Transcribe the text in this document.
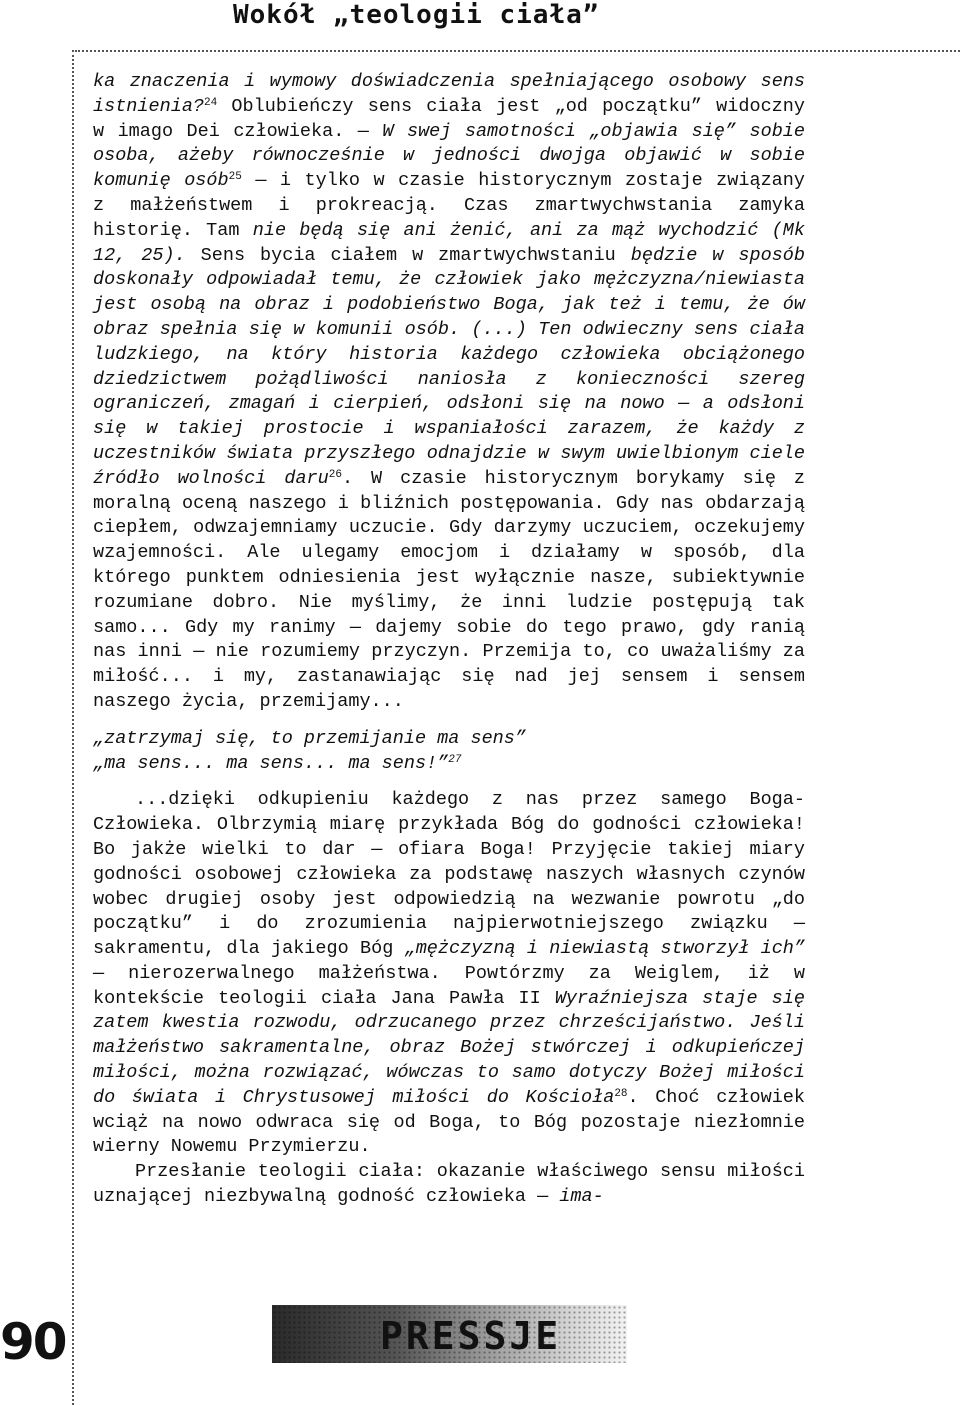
Wokół „teologii ciała”

ka znaczenia i wymowy doświadczenia spełniającego osobowy sens istnienia?$^{24}$ Oblubieńczy sens ciała jest „od początku” widoczny w imago Dei człowieka. — W swej samotności „objawia się” sobie osoba, ażeby równocześnie w jedności dwojga objawić w sobie komunię osób$^{25}$ — i tylko w czasie historycznym zostaje związany z małżeństwem i prokreacją. Czas zmartwychwstania zamyka historię. Tam nie będą się ani żenić, ani za mąż wychodzić (Mk 12, 25). Sens bycia ciałem w zmartwychwstaniu będzie w sposób doskonały odpowiadał temu, że człowiek jako mężczyzna/niewiasta jest osobą na obraz i podobieństwo Boga, jak też i temu, że ów obraz spełnia się w komunii osób. (...) Ten odwieczny sens ciała ludzkiego, na który historia każdego człowieka obciążonego dziedzictwem pożądliwości naniosła z konieczności szereg ograniczeń, zmagań i cierpień, odsłoni się na nowo — a odsłoni się w takiej prostocie i wspaniałości zarazem, że każdy z uczestników świata przyszłego odnajdzie w swym uwielbionym ciele źródło wolności daru$^{26}$. W czasie historycznym borykamy się z moralną oceną naszego i bliźnich postępowania. Gdy nas obdarzają ciepłem, odwzajemniamy uczucie. Gdy darzymy uczuciem, oczekujemy wzajemności. Ale ulegamy emocjom i działamy w sposób, dla którego punktem odniesienia jest wyłącznie nasze, subiektywnie rozumiane dobro. Nie myślimy, że inni ludzie postępują tak samo... Gdy my ranimy — dajemy sobie do tego prawo, gdy ranią nas inni — nie rozumiemy przyczyn. Przemija to, co uważaliśmy za miłość... i my, zastanawiając się nad jej sensem i sensem naszego życia, przemijamy...

„zatrzymaj się, to przemijanie ma sens”
„ma sens... ma sens... ma sens!”$^{27}$

...dzięki odkupieniu każdego z nas przez samego Boga-Człowieka. Olbrzymią miarę przykłada Bóg do godności człowieka! Bo jakże wielki to dar — ofiara Boga! Przyjęcie takiej miary godności osobowej człowieka za podstawę naszych własnych czynów wobec drugiej osoby jest odpowiedzią na wezwanie powrotu „do początku” i do zrozumienia najpierwotniejszego związku —sakramentu, dla jakiego Bóg „mężczyzną i niewiastą stworzył ich” — nierozerwalnego małżeństwa. Powtórzmy za Weiglem, iż w kontekście teologii ciała Jana Pawła II Wyraźniejsza staje się zatem kwestia rozwodu, odrzucanego przez chrześcijaństwo. Jeśli małżeństwo sakramentalne, obraz Bożej stwórczej i odkupieńczej miłości, można rozwiązać, wówczas to samo dotyczy Bożej miłości do świata i Chrystusowej miłości do Kościoła$^{28}$. Choć człowiek wciąż na nowo odwraca się od Boga, to Bóg pozostaje niezłomnie wierny Nowemu Przymierzu.

Przesłanie teologii ciała: okazanie właściwego sensu miłości uznającej niezbywalną godność człowieka — ima-

90	PRESSJE
